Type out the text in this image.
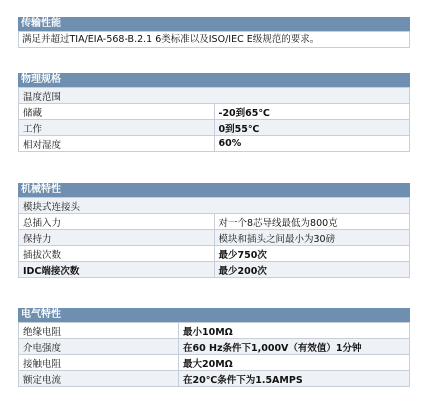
传输性能
满足并超过TIA/EIA-568-B.2.1 6类标准以及ISO/IEC E级规范的要求。
物理规格
温度范围	
储藏	-20到65℃
工作	0到55℃
相对湿度	60%
机械特性
模块式连接头	
总插入力	对一个8芯导线最低为800克
保持力	模块和插头之间最小为30磅
插拔次数	最少750次
IDC端接次数	最少200次
电气特性
绝缘电阻	最小10MΩ
介电强度	在60 Hz条件下1,000V（有效值）1分钟
接触电阻	最大20MΩ
额定电流	在20℃条件下为1.5AMPS
